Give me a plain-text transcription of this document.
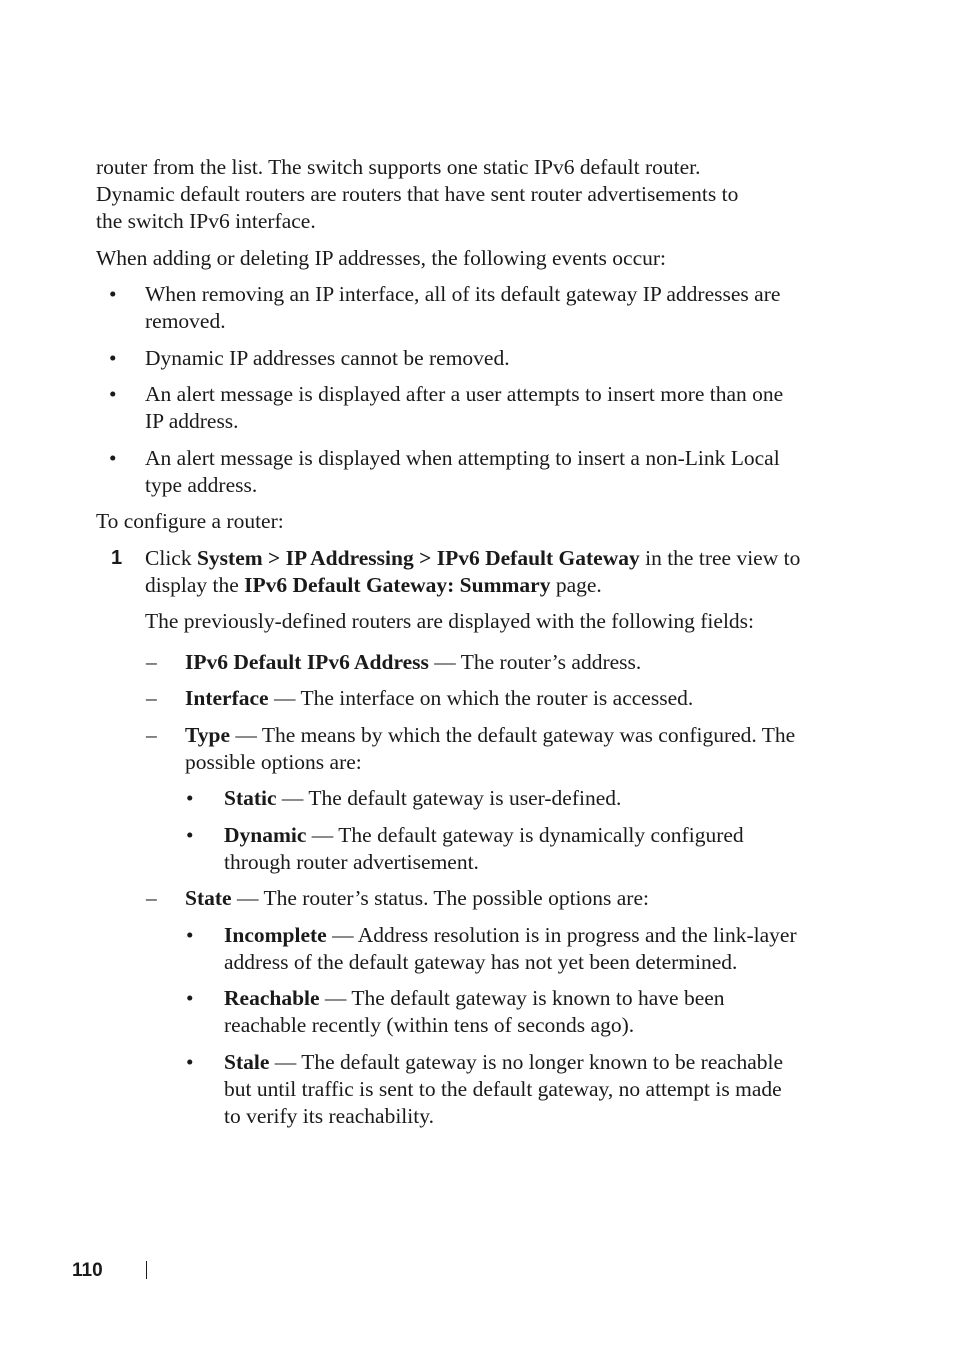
router from the list. The switch supports one static IPv6 default router.
Dynamic default routers are routers that have sent router advertisements to
the switch IPv6 interface.
When adding or deleting IP addresses, the following events occur:
• When removing an IP interface, all of its default gateway IP addresses are
removed.
• Dynamic IP addresses cannot be removed.
• An alert message is displayed after a user attempts to insert more than one
IP address.
• An alert message is displayed when attempting to insert a non-Link Local
type address.
To configure a router:
1 Click System > IP Addressing > IPv6 Default Gateway in the tree view to
display the IPv6 Default Gateway: Summary page.
The previously-defined routers are displayed with the following fields:
– IPv6 Default IPv6 Address — The router’s address.
– Interface — The interface on which the router is accessed.
– Type — The means by which the default gateway was configured. The
possible options are:
• Static — The default gateway is user-defined.
• Dynamic — The default gateway is dynamically configured
through router advertisement.
– State — The router’s status. The possible options are:
• Incomplete — Address resolution is in progress and the link-layer
address of the default gateway has not yet been determined.
• Reachable — The default gateway is known to have been
reachable recently (within tens of seconds ago).
• Stale — The default gateway is no longer known to be reachable
but until traffic is sent to the default gateway, no attempt is made
to verify its reachability.
110
